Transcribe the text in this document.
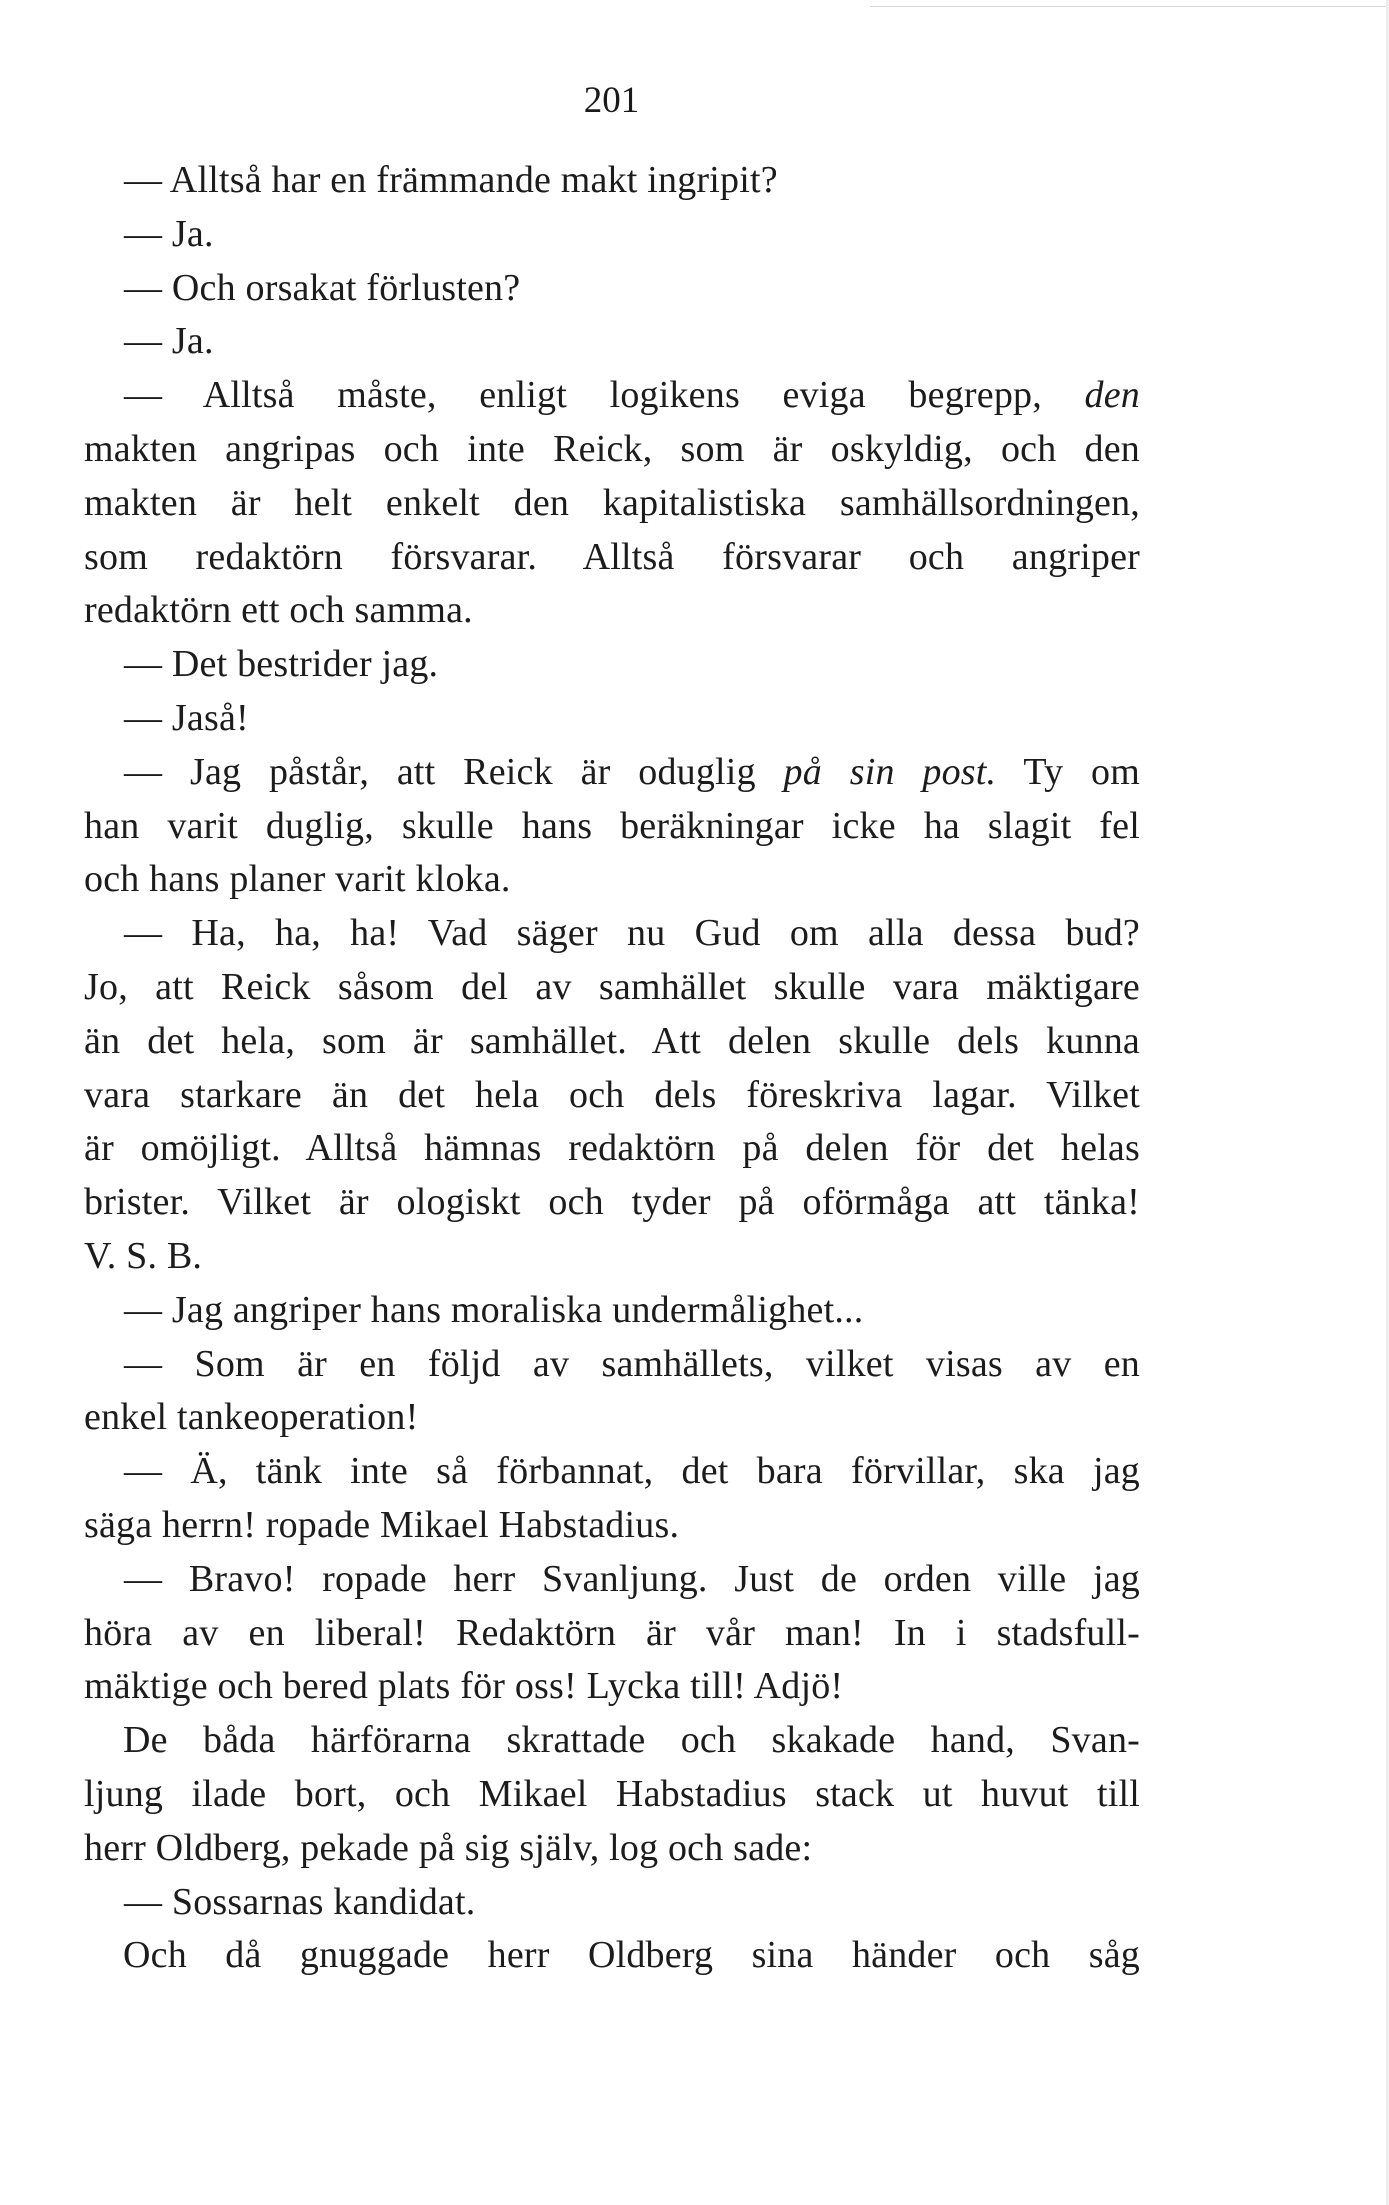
201
— Alltså har en främmande makt ingripit?
— Ja.
— Och orsakat förlusten?
— Ja.
— Alltså måste, enligt logikens eviga begrepp, den
makten angripas och inte Reick, som är oskyldig, och den
makten är helt enkelt den kapitalistiska samhällsordningen,
som redaktörn försvarar. Alltså försvarar och angriper
redaktörn ett och samma.
— Det bestrider jag.
— Jaså!
— Jag påstår, att Reick är oduglig på sin post. Ty om
han varit duglig, skulle hans beräkningar icke ha slagit fel
och hans planer varit kloka.
— Ha, ha, ha! Vad säger nu Gud om alla dessa bud?
Jo, att Reick såsom del av samhället skulle vara mäktigare
än det hela, som är samhället. Att delen skulle dels kunna
vara starkare än det hela och dels föreskriva lagar. Vilket
är omöjligt. Alltså hämnas redaktörn på delen för det helas
brister. Vilket är ologiskt och tyder på oförmåga att tänka!
V. S. B.
— Jag angriper hans moraliska undermålighet...
— Som är en följd av samhällets, vilket visas av en
enkel tankeoperation!
— Ä, tänk inte så förbannat, det bara förvillar, ska jag
säga herrn! ropade Mikael Habstadius.
— Bravo! ropade herr Svanljung. Just de orden ville jag
höra av en liberal! Redaktörn är vår man! In i stadsfull-
mäktige och bered plats för oss! Lycka till! Adjö!
De båda härförarna skrattade och skakade hand, Svan-
ljung ilade bort, och Mikael Habstadius stack ut huvut till
herr Oldberg, pekade på sig själv, log och sade:
— Sossarnas kandidat.
Och då gnuggade herr Oldberg sina händer och såg
